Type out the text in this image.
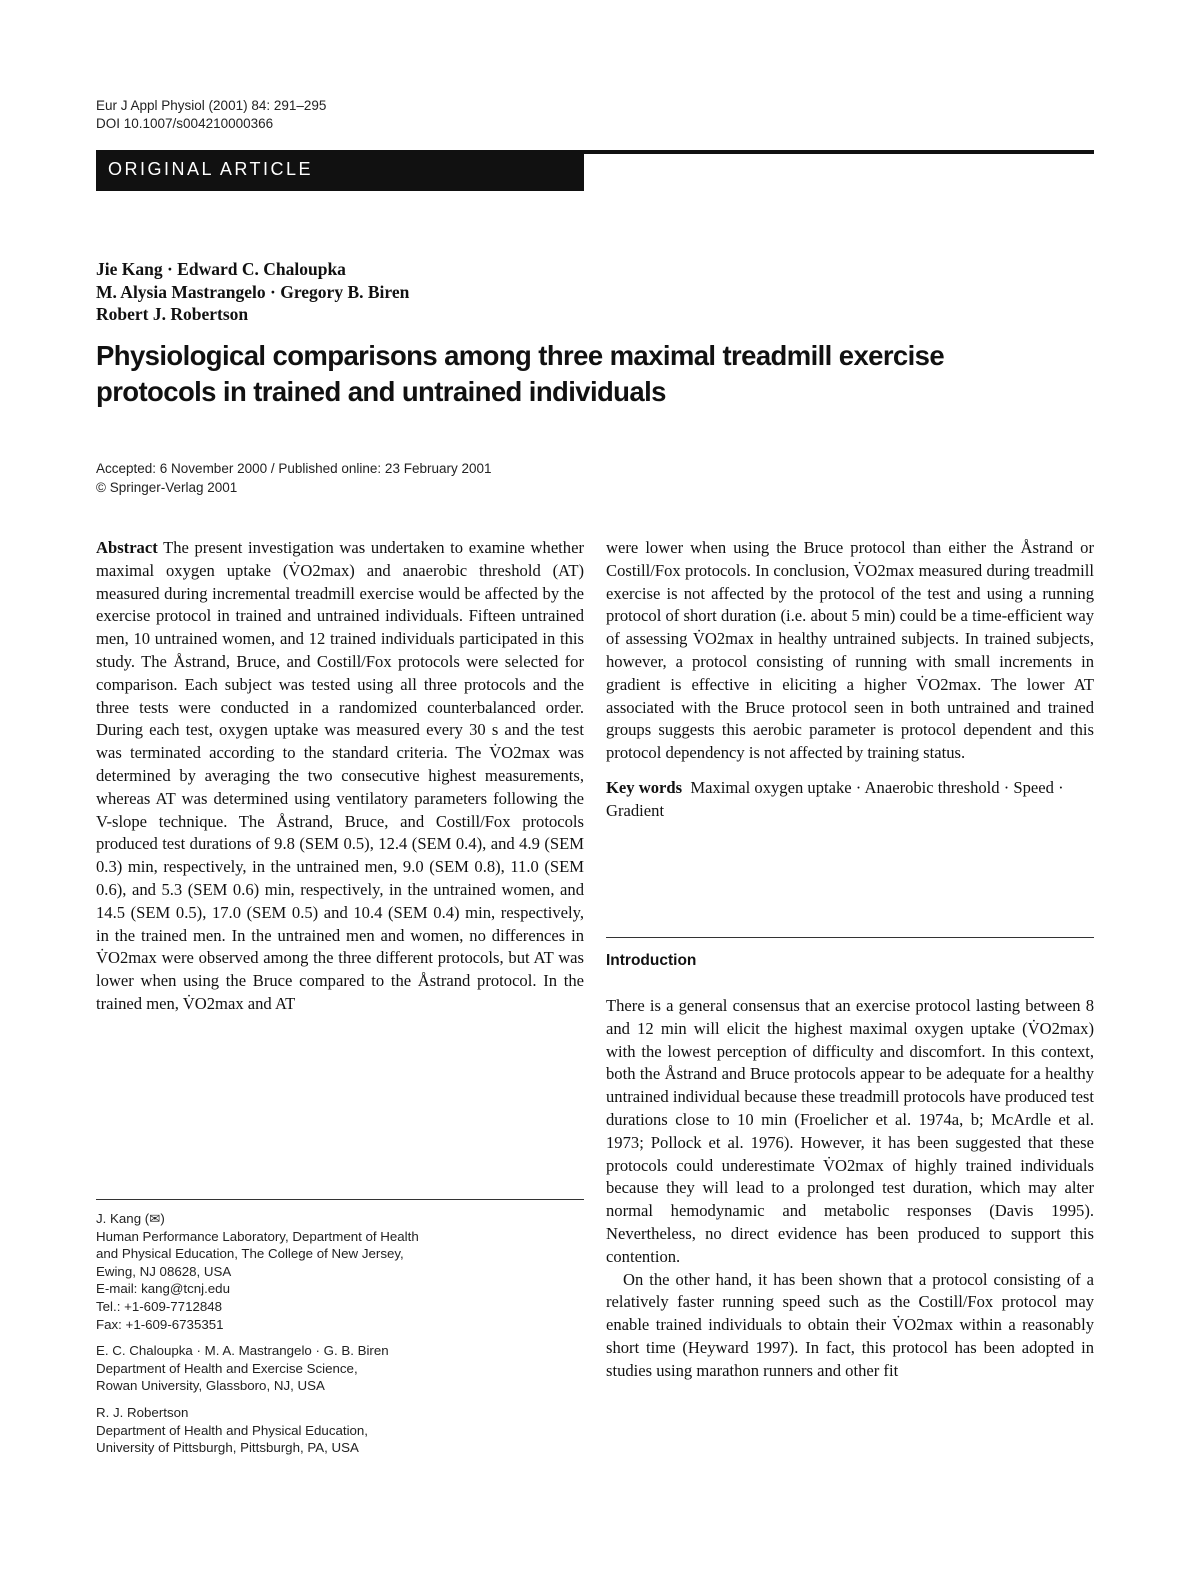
Eur J Appl Physiol (2001) 84: 291–295
DOI 10.1007/s004210000366
ORIGINAL ARTICLE
Jie Kang · Edward C. Chaloupka
M. Alysia Mastrangelo · Gregory B. Biren
Robert J. Robertson
Physiological comparisons among three maximal treadmill exercise
protocols in trained and untrained individuals
Accepted: 6 November 2000 / Published online: 23 February 2001
© Springer-Verlag 2001

Abstract The present investigation was undertaken to examine whether maximal oxygen uptake (V̇O2max) and anaerobic threshold (AT) measured during incremental treadmill exercise would be affected by the exercise protocol in trained and untrained individuals. Fifteen untrained men, 10 untrained women, and 12 trained individuals participated in this study. The Åstrand, Bruce, and Costill/Fox protocols were selected for comparison. Each subject was tested using all three protocols and the three tests were conducted in a randomized counterbalanced order. During each test, oxygen uptake was measured every 30 s and the test was terminated according to the standard criteria. The V̇O2max was determined by averaging the two consecutive highest measurements, whereas AT was determined using ventilatory parameters following the V-slope technique. The Åstrand, Bruce, and Costill/Fox protocols produced test durations of 9.8 (SEM 0.5), 12.4 (SEM 0.4), and 4.9 (SEM 0.3) min, respectively, in the untrained men, 9.0 (SEM 0.8), 11.0 (SEM 0.6), and 5.3 (SEM 0.6) min, respectively, in the untrained women, and 14.5 (SEM 0.5), 17.0 (SEM 0.5) and 10.4 (SEM 0.4) min, respectively, in the trained men. In the untrained men and women, no differences in V̇O2max were observed among the three different protocols, but AT was lower when using the Bruce compared to the Åstrand protocol. In the trained men, V̇O2max and AT

were lower when using the Bruce protocol than either the Åstrand or Costill/Fox protocols. In conclusion, V̇O2max measured during treadmill exercise is not affected by the protocol of the test and using a running protocol of short duration (i.e. about 5 min) could be a time-efficient way of assessing V̇O2max in healthy untrained subjects. In trained subjects, however, a protocol consisting of running with small increments in gradient is effective in eliciting a higher V̇O2max. The lower AT associated with the Bruce protocol seen in both untrained and trained groups suggests this aerobic parameter is protocol dependent and this protocol dependency is not affected by training status.

Key words Maximal oxygen uptake · Anaerobic threshold · Speed · Gradient

Introduction

There is a general consensus that an exercise protocol lasting between 8 and 12 min will elicit the highest maximal oxygen uptake (V̇O2max) with the lowest perception of difficulty and discomfort. In this context, both the Åstrand and Bruce protocols appear to be adequate for a healthy untrained individual because these treadmill protocols have produced test durations close to 10 min (Froelicher et al. 1974a, b; McArdle et al. 1973; Pollock et al. 1976). However, it has been suggested that these protocols could underestimate V̇O2max of highly trained individuals because they will lead to a prolonged test duration, which may alter normal hemodynamic and metabolic responses (Davis 1995). Nevertheless, no direct evidence has been produced to support this contention.

On the other hand, it has been shown that a protocol consisting of a relatively faster running speed such as the Costill/Fox protocol may enable trained individuals to obtain their V̇O2max within a reasonably short time (Heyward 1997). In fact, this protocol has been adopted in studies using marathon runners and other fit

J. Kang (✉)
Human Performance Laboratory, Department of Health
and Physical Education, The College of New Jersey,
Ewing, NJ 08628, USA
E-mail: kang@tcnj.edu
Tel.: +1-609-7712848
Fax: +1-609-6735351
E. C. Chaloupka · M. A. Mastrangelo · G. B. Biren
Department of Health and Exercise Science,
Rowan University, Glassboro, NJ, USA
R. J. Robertson
Department of Health and Physical Education,
University of Pittsburgh, Pittsburgh, PA, USA
